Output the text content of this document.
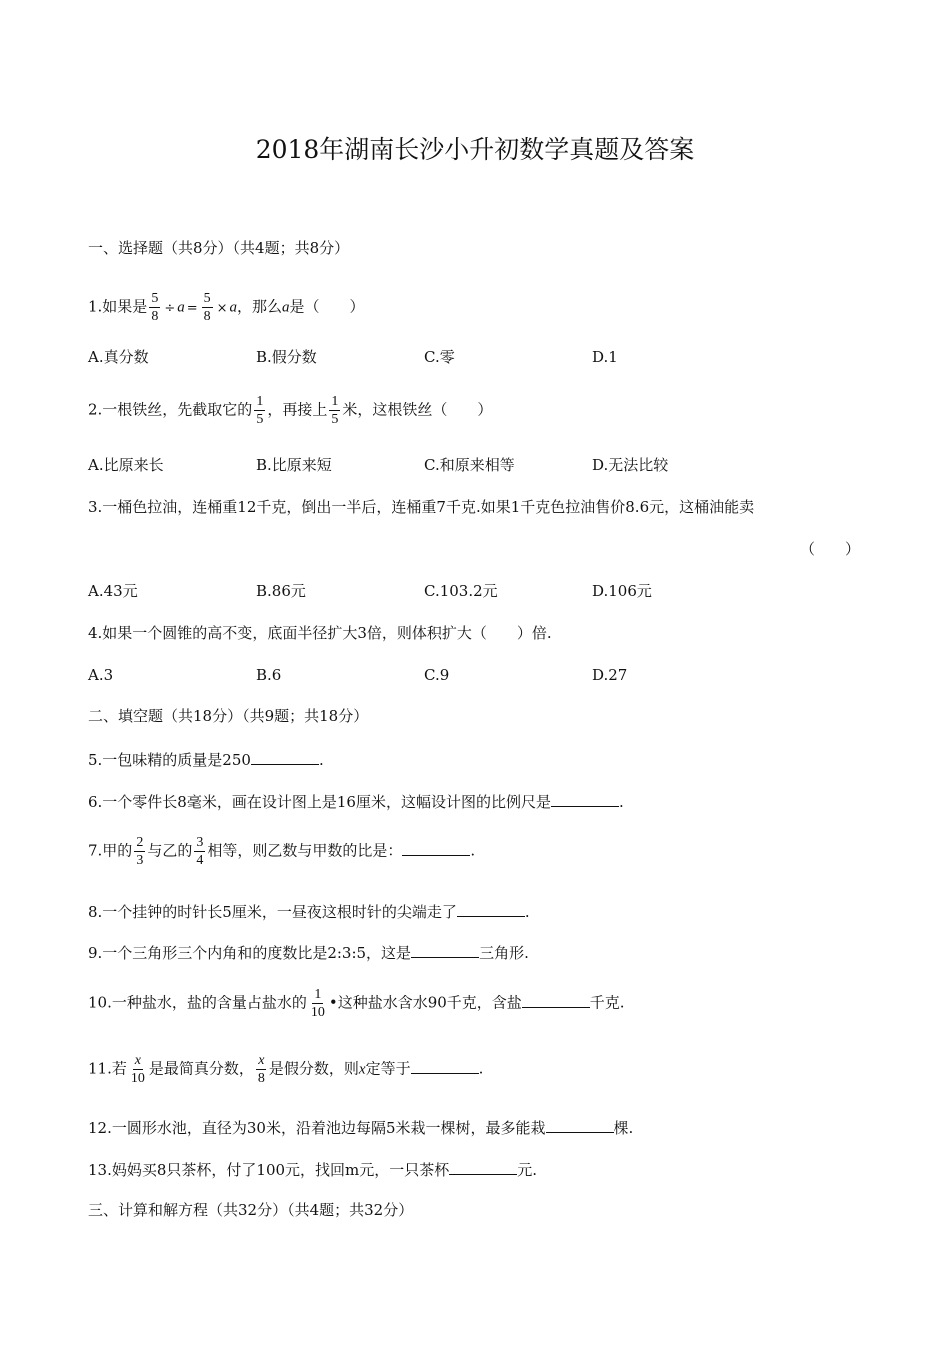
2018年湖南长沙小升初数学真题及答案
一、选择题（共8分）（共4题；共8分）
1.如果是 $\frac{5}{8} \div a = \frac{5}{8} \times a$，那么a是（　　）
A.真分数	B.假分数	C.零	D.1
2.一根铁丝，先截取它的 $\frac{1}{5}$ ，再接上 $\frac{1}{5}$ 米，这根铁丝（　　）
A.比原来长	B.比原来短	C.和原来相等	D.无法比较
3.一桶色拉油，连桶重12千克，倒出一半后，连桶重7千克.如果1千克色拉油售价8.6元，这桶油能卖
（　　）
A.43元	B.86元	C.103.2元	D.106元
4.如果一个圆锥的高不变，底面半径扩大3倍，则体积扩大（　　）倍.
A.3	B.6	C.9	D.27
二、填空题（共18分）（共9题；共18分）
5.一包味精的质量是250	.
6.一个零件长8毫米，画在设计图上是16厘米，这幅设计图的比例尺是	.
7.甲的 $\frac{2}{3}$ 与乙的 $\frac{3}{4}$ 相等，则乙数与甲数的比是：	.
8.一个挂钟的时针长5厘米，一昼夜这根时针的尖端走了	.
9.一个三角形三个内角和的度数比是2:3:5，这是	三角形.
10.一种盐水，盐的含量占盐水的 $\frac{1}{10}$ •这种盐水含水90千克，含盐	千克.
11.若 $\frac{x}{10}$ 是最简真分数， $\frac{x}{8}$ 是假分数，则x定等于	.
12.一圆形水池，直径为30米，沿着池边每隔5米栽一棵树，最多能栽	棵.
13.妈妈买8只茶杯，付了100元，找回m元，一只茶杯	元.
三、计算和解方程（共32分）（共4题；共32分）
